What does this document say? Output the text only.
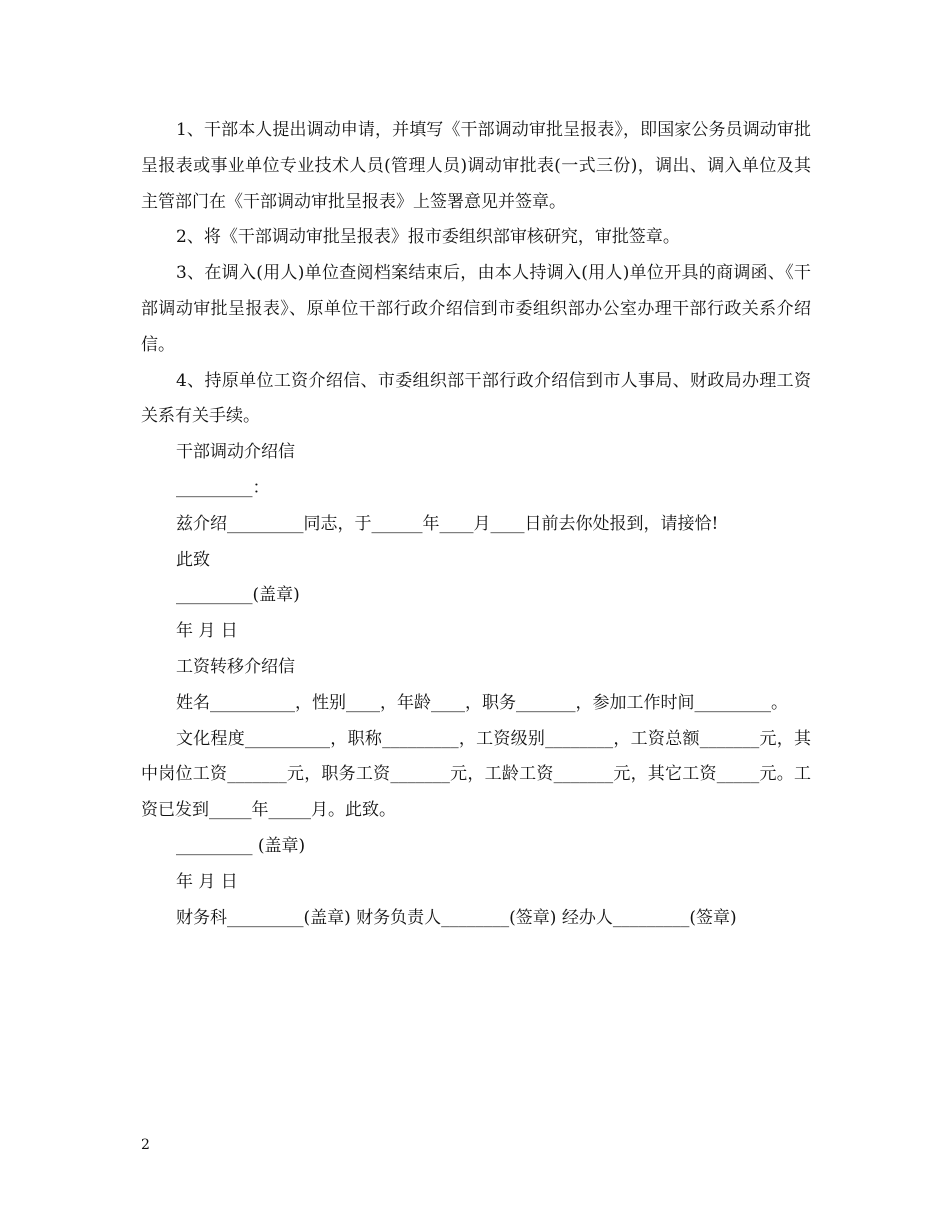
1、干部本人提出调动申请，并填写《干部调动审批呈报表》，即国家公务员调动审批呈报表或事业单位专业技术人员(管理人员)调动审批表(一式三份)，调出、调入单位及其主管部门在《干部调动审批呈报表》上签署意见并签章。

2、将《干部调动审批呈报表》报市委组织部审核研究，审批签章。

3、在调入(用人)单位查阅档案结束后，由本人持调入(用人)单位开具的商调函、《干部调动审批呈报表》、原单位干部行政介绍信到市委组织部办公室办理干部行政关系介绍信。

4、持原单位工资介绍信、市委组织部干部行政介绍信到市人事局、财政局办理工资关系有关手续。

干部调动介绍信

_________：

兹介绍_________同志，于______年____月____日前去你处报到，请接恰!

此致

_________(盖章)

年 月 日

工资转移介绍信

姓名__________，性别____，年龄____，职务_______，参加工作时间_________。

文化程度__________，职称_________，工资级别________，工资总额_______元，其中岗位工资_______元，职务工资_______元，工龄工资_______元，其它工资_____元。工资已发到_____年_____月。此致。

_________ (盖章)

年 月 日

财务科_________(盖章) 财务负责人________(签章) 经办人_________(签章)

2
